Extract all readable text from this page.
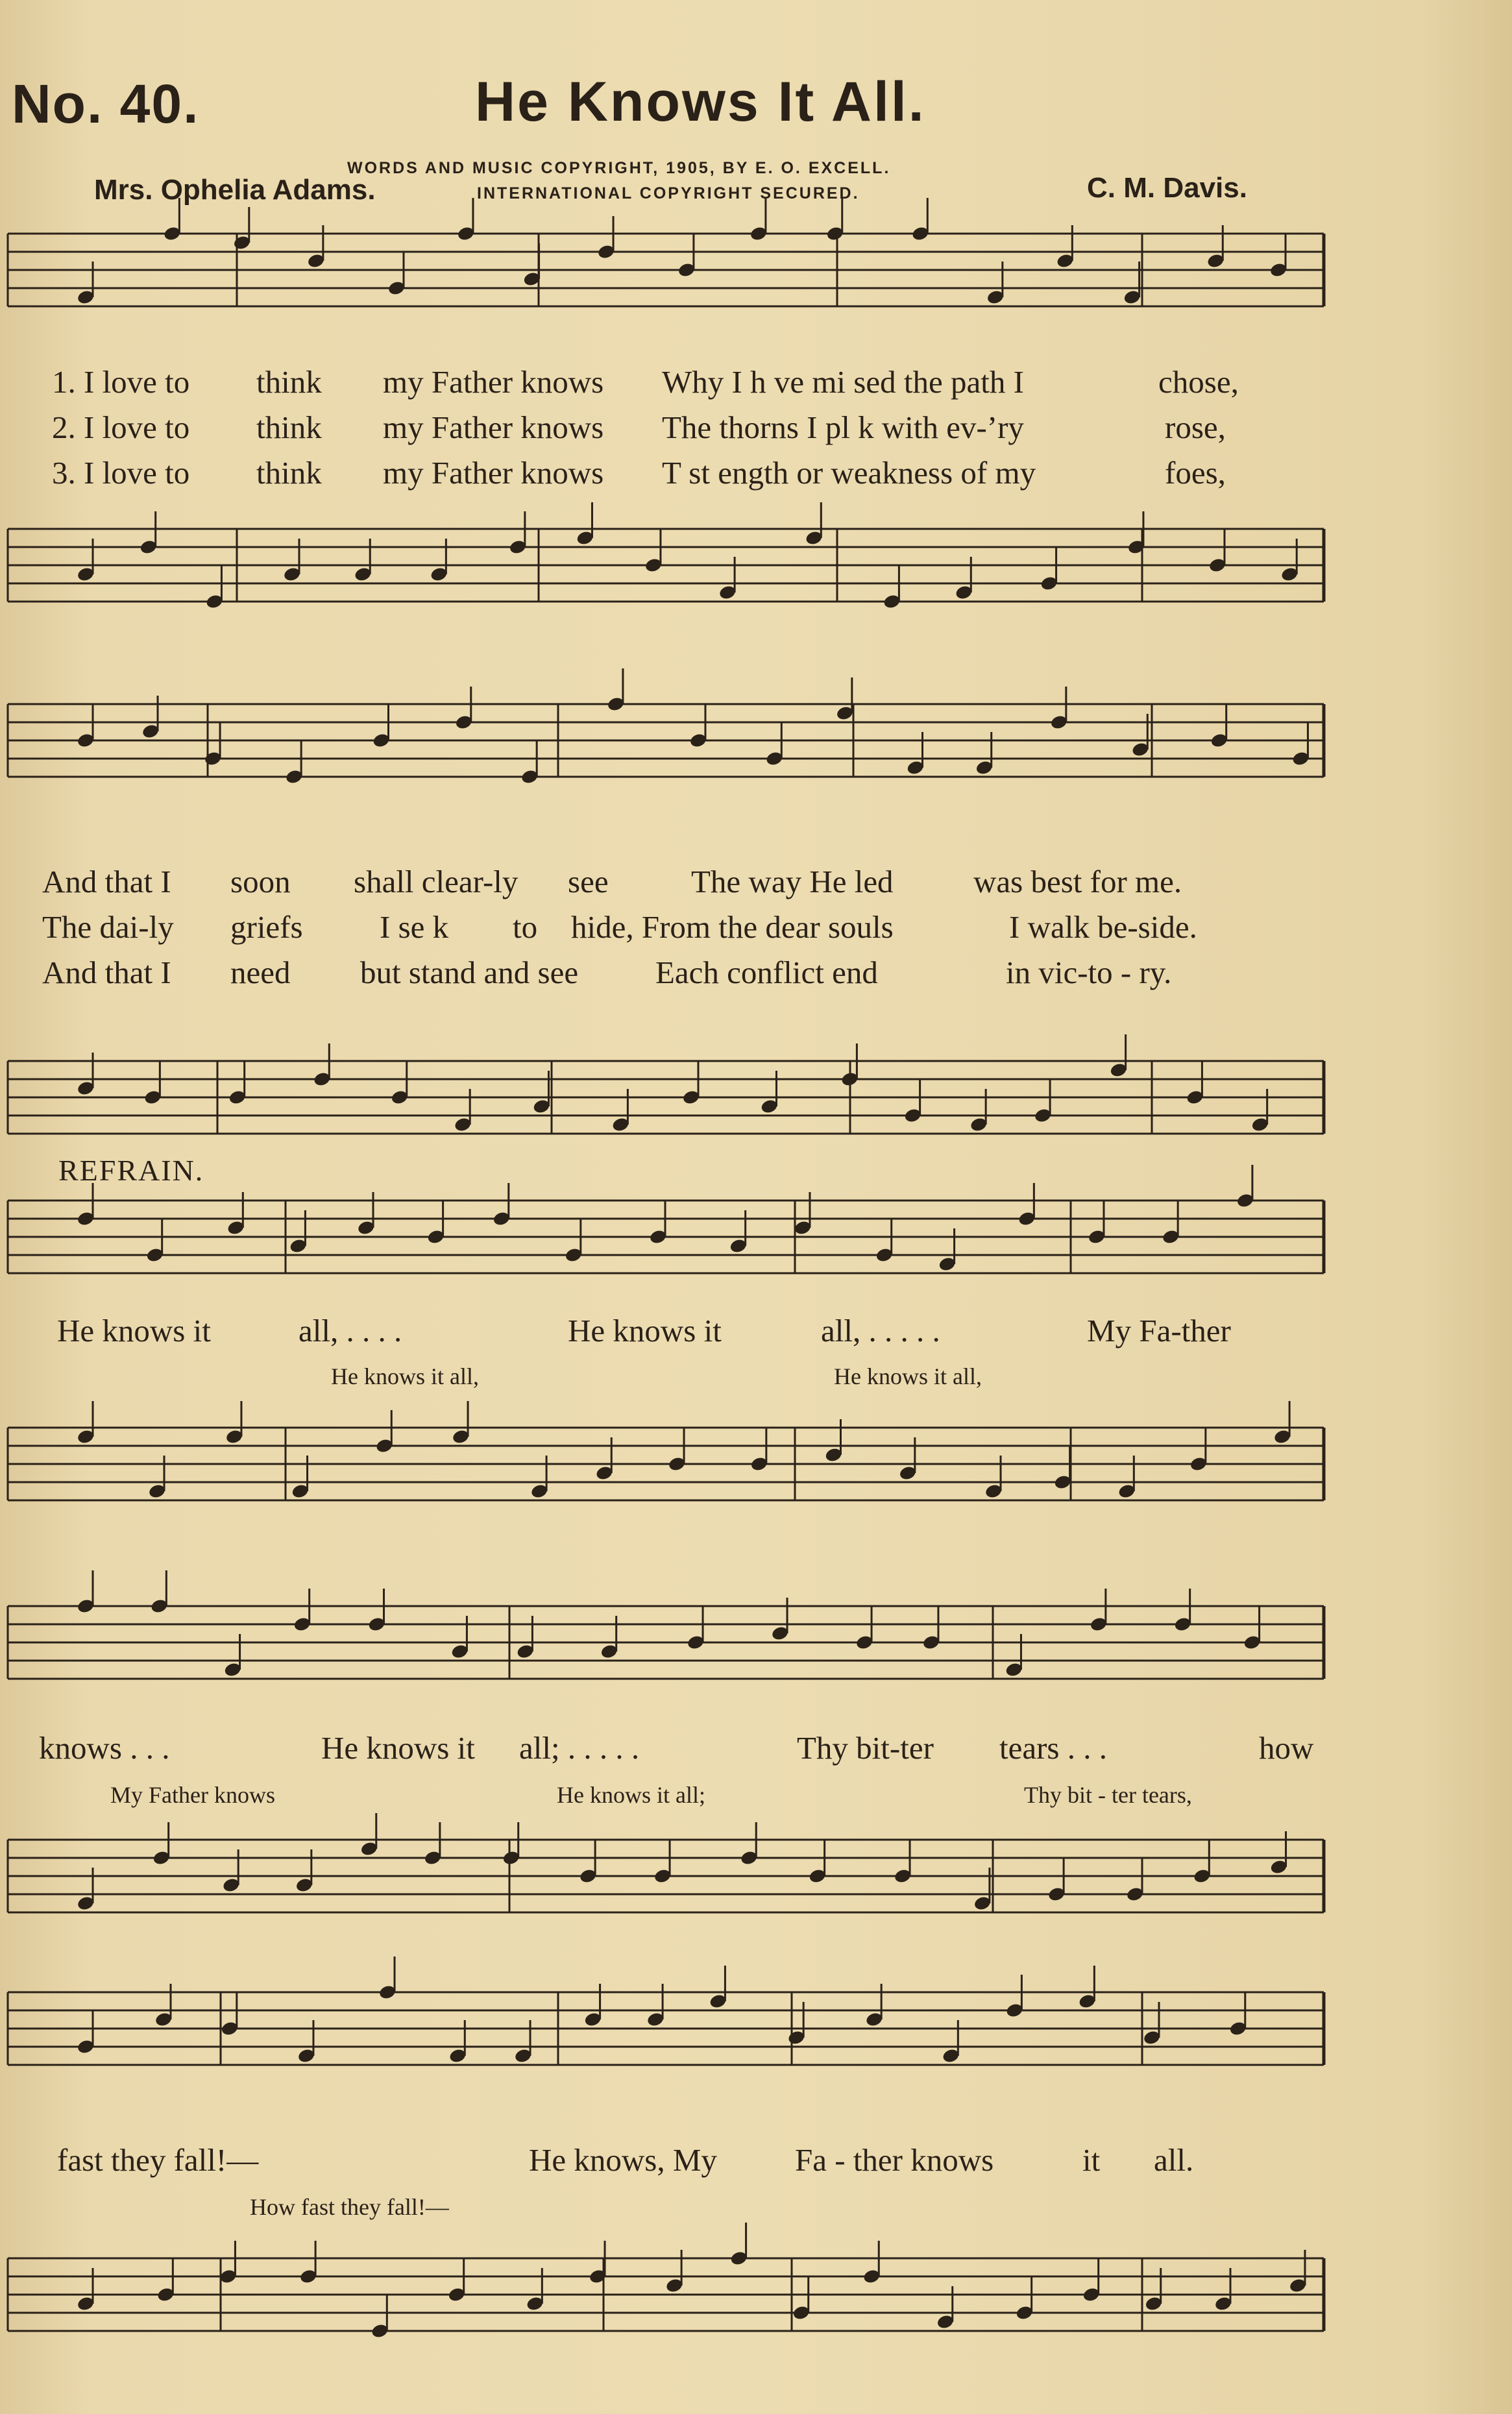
No. 40.	He Knows It All.
WORDS AND MUSIC COPYRIGHT, 1905, BY E. O. EXCELL.
INTERNATIONAL COPYRIGHT SECURED.
Mrs. Ophelia Adams.	C. M. Davis.
1. I love to think my Father knows Why I h ve mi sed the path I	chose,
2. I love to think my Father knows The thorns I pl k with ev-’ry	rose,
3. I love to think my Father knows T st ength or weakness of my	foes,
And that I soon shall clear-ly see	The way He led	was best for me.
The dai-ly griefs I se k to hide, From the dear souls	I walk be-side.
And that I need but stand and see Each conflict end	in vic-to - ry.
REFRAIN.
He knows it	all, . . . .	He knows it	all, . . . . .	My Fa-ther
He knows it all,	He knows it all,
knows . . .	He knows it all; . . . . .	Thy bit-ter tears . . .	how
My Father knows	He knows it all;	Thy bit - ter tears,
fast they fall!—	He knows, My Fa - ther knows	it all.
How fast they fall!—
